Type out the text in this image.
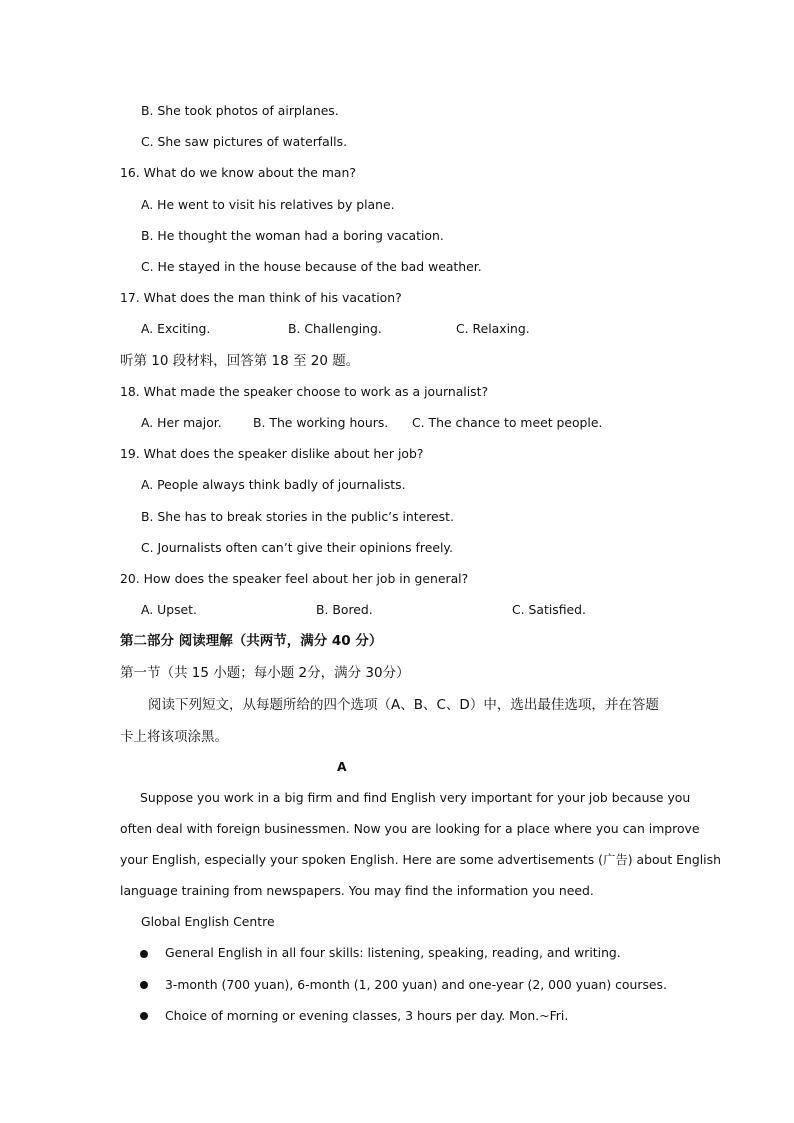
B. She took photos of airplanes.
C. She saw pictures of waterfalls.
16. What do we know about the man?
A. He went to visit his relatives by plane.
B. He thought the woman had a boring vacation.
C. He stayed in the house because of the bad weather.
17. What does the man think of his vacation?
A. Exciting.	B. Challenging.	C. Relaxing.
听第 10 段材料，回答第 18 至 20 题。
18. What made the speaker choose to work as a journalist?
A. Her major.	B. The working hours. C. The chance to meet people.
19. What does the speaker dislike about her job?
A. People always think badly of journalists.
B. She has to break stories in the public’s interest.
C. Journalists often can’t give their opinions freely.
20. How does the speaker feel about her job in general?
A. Upset.	B. Bored.	C. Satisfied.
第二部分 阅读理解（共两节，满分 40 分）
第一节（共 15 小题；每小题 2分，满分 30分）
阅读下列短文，从每题所给的四个选项（A、B、C、D）中，选出最佳选项，并在答题
卡上将该项涂黑。
A
Suppose you work in a big firm and find English very important for your job because you
often deal with foreign businessmen. Now you are looking for a place where you can improve
your English, especially your spoken English. Here are some advertisements (广告) about English
language training from newspapers. You may find the information you need.
Global English Centre
General English in all four skills: listening, speaking, reading, and writing.
3-month (700 yuan), 6-month (1, 200 yuan) and one-year (2, 000 yuan) courses.
Choice of morning or evening classes, 3 hours per day. Mon.~Fri.
